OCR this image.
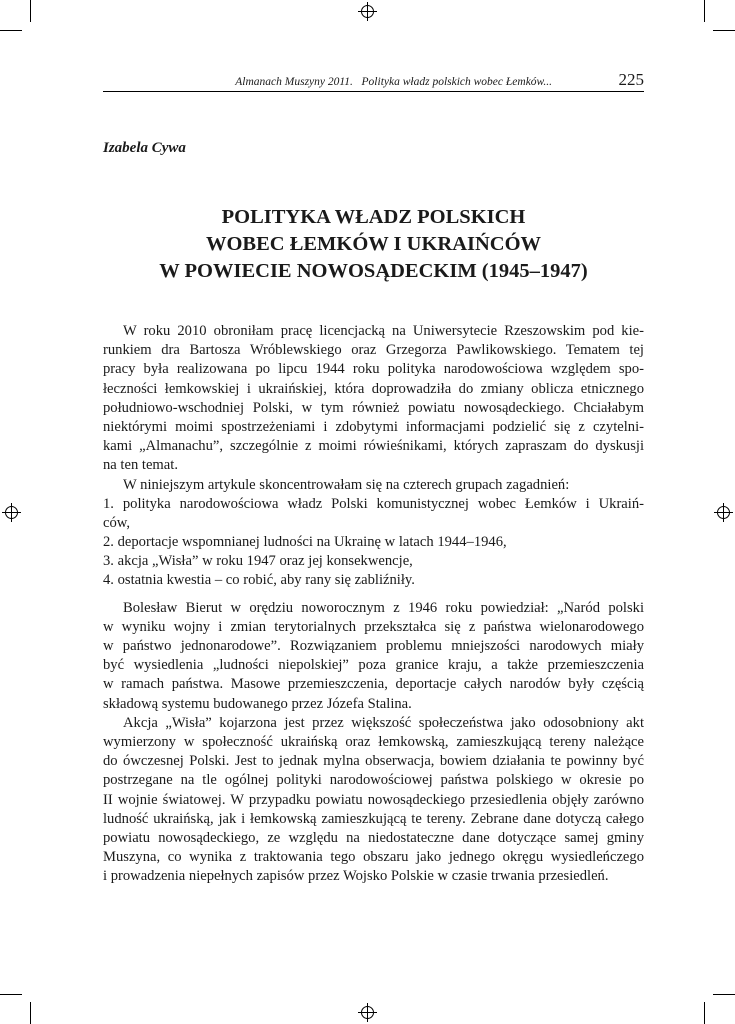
Almanach Muszyny 2011. Polityka władz polskich wobec Łemków...	225
Izabela Cywa
POLITYKA WŁADZ POLSKICH
WOBEC ŁEMKÓW I UKRAIŃCÓW
W POWIECIE NOWOSĄDECKIM (1945–1947)
W roku 2010 obroniłam pracę licencjacką na Uniwersytecie Rzeszowskim pod kie-
runkiem dra Bartosza Wróblewskiego oraz Grzegorza Pawlikowskiego. Tematem tej
pracy była realizowana po lipcu 1944 roku polityka narodowościowa względem spo-
łeczności łemkowskiej i ukraińskiej, która doprowadziła do zmiany oblicza etnicznego
południowo-wschodniej Polski, w tym również powiatu nowosądeckiego. Chciałabym
niektórymi moimi spostrzeżeniami i zdobytymi informacjami podzielić się z czytelni-
kami „Almanachu”, szczególnie z moimi rówieśnikami, których zapraszam do dyskusji
na ten temat.
W niniejszym artykule skoncentrowałam się na czterech grupach zagadnień:
1. polityka narodowościowa władz Polski komunistycznej wobec Łemków i Ukraiń-
ców,
2. deportacje wspomnianej ludności na Ukrainę w latach 1944–1946,
3. akcja „Wisła” w roku 1947 oraz jej konsekwencje,
4. ostatnia kwestia – co robić, aby rany się zabliźniły.
Bolesław Bierut w orędziu noworocznym z 1946 roku powiedział: „Naród polski
w wyniku wojny i zmian terytorialnych przekształca się z państwa wielonarodowego
w państwo jednonarodowe”. Rozwiązaniem problemu mniejszości narodowych miały
być wysiedlenia „ludności niepolskiej” poza granice kraju, a także przemieszczenia
w ramach państwa. Masowe przemieszczenia, deportacje całych narodów były częścią
składową systemu budowanego przez Józefa Stalina.
Akcja „Wisła” kojarzona jest przez większość społeczeństwa jako odosobniony akt
wymierzony w społeczność ukraińską oraz łemkowską, zamieszkującą tereny należące
do ówczesnej Polski. Jest to jednak mylna obserwacja, bowiem działania te powinny być
postrzegane na tle ogólnej polityki narodowościowej państwa polskiego w okresie po
II wojnie światowej. W przypadku powiatu nowosądeckiego przesiedlenia objęły zarówno
ludność ukraińską, jak i łemkowską zamieszkującą te tereny. Zebrane dane dotyczą całego
powiatu nowosądeckiego, ze względu na niedostateczne dane dotyczące samej gminy
Muszyna, co wynika z traktowania tego obszaru jako jednego okręgu wysiedleńczego
i prowadzenia niepełnych zapisów przez Wojsko Polskie w czasie trwania przesiedleń.
